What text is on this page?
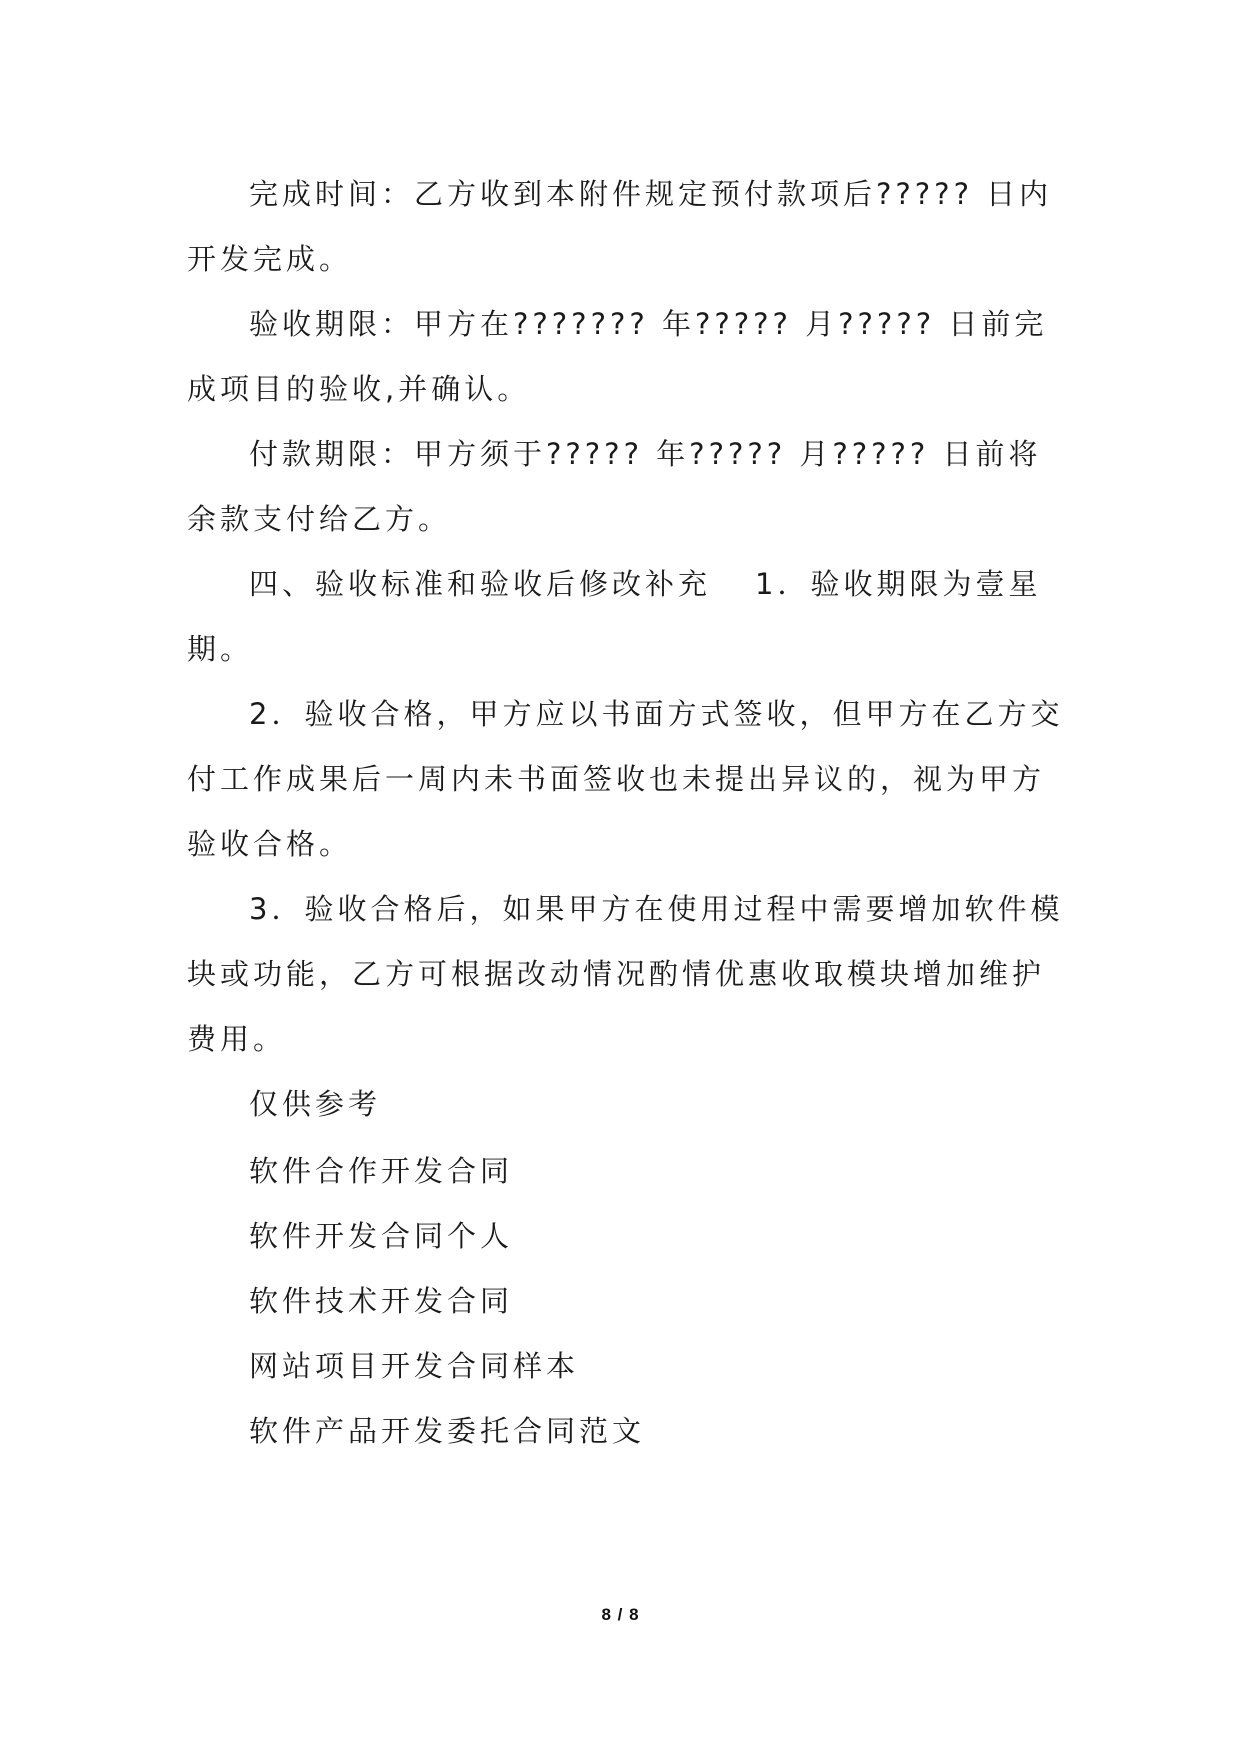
完成时间：乙方收到本附件规定预付款项后????? 日内开发完成。

验收期限：甲方在??????? 年????? 月????? 日前完成项目的验收,并确认。

付款期限：甲方须于????? 年????? 月????? 日前将余款支付给乙方。

四、验收标准和验收后修改补充 1．验收期限为壹星期。

2．验收合格，甲方应以书面方式签收，但甲方在乙方交付工作成果后一周内未书面签收也未提出异议的，视为甲方验收合格。

3．验收合格后，如果甲方在使用过程中需要增加软件模块或功能，乙方可根据改动情况酌情优惠收取模块增加维护费用。

仅供参考

软件合作开发合同

软件开发合同个人

软件技术开发合同

网站项目开发合同样本

软件产品开发委托合同范文

8 / 8
